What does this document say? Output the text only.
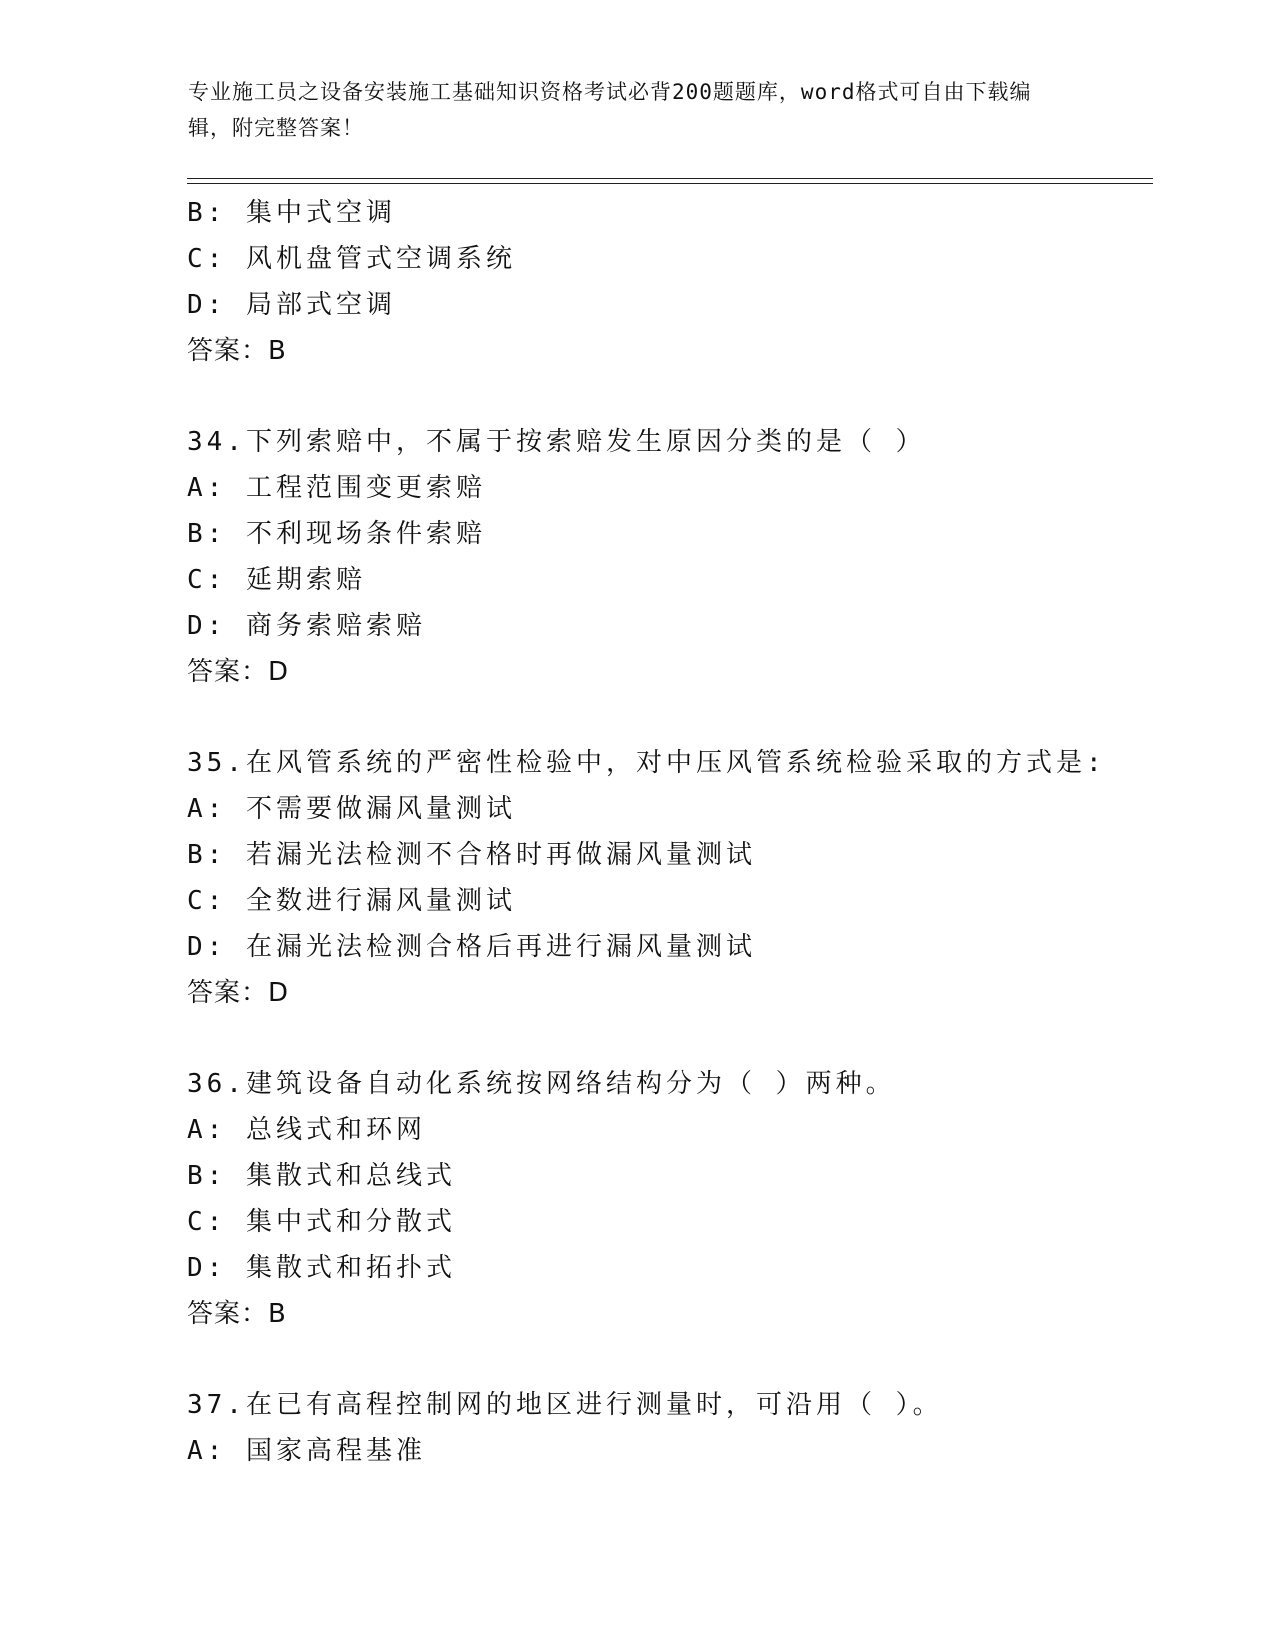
专业施工员之设备安装施工基础知识资格考试必背200题题库，word格式可自由下载编辑，附完整答案！
B: 集中式空调
C: 风机盘管式空调系统
D: 局部式空调
答案：B
34.下列索赔中，不属于按索赔发生原因分类的是（ ）
A: 工程范围变更索赔
B: 不利现场条件索赔
C: 延期索赔
D: 商务索赔索赔
答案：D
35.在风管系统的严密性检验中，对中压风管系统检验采取的方式是:
A: 不需要做漏风量测试
B: 若漏光法检测不合格时再做漏风量测试
C: 全数进行漏风量测试
D: 在漏光法检测合格后再进行漏风量测试
答案：D
36.建筑设备自动化系统按网络结构分为（ ）两种。
A: 总线式和环网
B: 集散式和总线式
C: 集中式和分散式
D: 集散式和拓扑式
答案：B
37.在已有高程控制网的地区进行测量时，可沿用（ ）。
A: 国家高程基准
